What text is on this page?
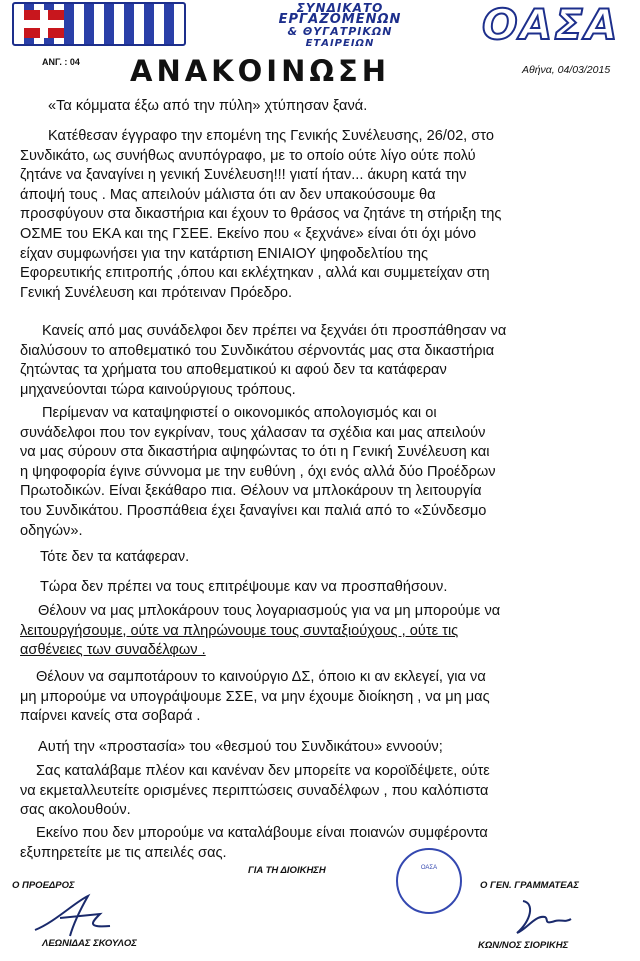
ΣΥΝΔΙΚΑΤΟ
ΕΡΓΑΖΟΜΕΝΩΝ
& ΘΥΓΑΤΡΙΚΩΝ
ΕΤΑΙΡΕΙΩΝ	ΟΑΣΑ
ΑΝΓ. : 04 ΑΝΑΚΟΙΝΩΣΗ	Αθήνα, 04/03/2015
«Τα κόμματα έξω από την πύλη» χτύπησαν ξανά.
Κατέθεσαν έγγραφο την επομένη της Γενικής Συνέλευσης, 26/02, στο
Συνδικάτο, ως συνήθως ανυπόγραφο, με το οποίο ούτε λίγο ούτε πολύ
ζητάνε να ξαναγίνει η γενική Συνέλευση!!! γιατί ήταν... άκυρη κατά την
άποψή τους . Μας απειλούν μάλιστα ότι αν δεν υπακούσουμε θα
προσφύγουν στα δικαστήρια και έχουν το θράσος να ζητάνε τη στήριξη της
ΟΣΜΕ του ΕΚΑ και της ΓΣΕΕ. Εκείνο που « ξεχνάνε» είναι ότι όχι μόνο
είχαν συμφωνήσει για την κατάρτιση ΕΝΙΑΙΟΥ ψηφοδελτίου της
Εφορευτικής επιτροπής ,όπου και εκλέχτηκαν , αλλά και συμμετείχαν στη
Γενική Συνέλευση και πρότειναν Πρόεδρο.
Κανείς από μας συνάδελφοι δεν πρέπει να ξεχνάει ότι προσπάθησαν να
διαλύσουν το αποθεματικό του Συνδικάτου σέρνοντάς μας στα δικαστήρια
ζητώντας τα χρήματα του αποθεματικού κι αφού δεν τα κατάφεραν
μηχανεύονται τώρα καινούργιους τρόπους.
Περίμεναν να καταψηφιστεί ο οικονομικός απολογισμός και οι
συνάδελφοι που τον εγκρίναν, τους χάλασαν τα σχέδια και μας απειλούν
να μας σύρουν στα δικαστήρια αψηφώντας το ότι η Γενική Συνέλευση και
η ψηφοφορία έγινε σύννομα με την ευθύνη , όχι ενός αλλά δύο Προέδρων
Πρωτοδικών. Είναι ξεκάθαρο πια. Θέλουν να μπλοκάρουν τη λειτουργία
του Συνδικάτου. Προσπάθεια έχει ξαναγίνει και παλιά από το «Σύνδεσμο
οδηγών».
Τότε δεν τα κατάφεραν.
Τώρα δεν πρέπει να τους επιτρέψουμε καν να προσπαθήσουν.
Θέλουν να μας μπλοκάρουν τους λογαριασμούς για να μη μπορούμε να
λειτουργήσουμε, ούτε να πληρώνουμε τους συνταξιούχους , ούτε τις
ασθένειες των συναδέλφων .
Θέλουν να σαμποτάρουν το καινούργιο ΔΣ, όποιο κι αν εκλεγεί, για να
μη μπορούμε να υπογράψουμε ΣΣΕ, να μην έχουμε διοίκηση , να μη μας
παίρνει κανείς στα σοβαρά .
Αυτή την «προστασία» του «θεσμού του Συνδικάτου» εννοούν;
Σας καταλάβαμε πλέον και κανέναν δεν μπορείτε να κοροϊδέψετε, ούτε
να εκμεταλλευτείτε ορισμένες περιπτώσεις συναδέλφων , που καλόπιστα
σας ακολουθούν.
Εκείνο που δεν μπορούμε να καταλάβουμε είναι ποιανών συμφέροντα
εξυπηρετείτε με τις απειλές σας.
Ο ΠΡΟΕΔΡΟΣ
ΓΙΑ ΤΗ ΔΙΟΙΚΗΣΗ
Ο ΓΕΝ. ΓΡΑΜΜΑΤΕΑΣ
ΛΕΩΝΙΔΑΣ ΣΚΟΥΛΟΣ	ΚΩΝ/ΝΟΣ ΣΙΟΡΙΚΗΣ
ΟΑΣΑ
